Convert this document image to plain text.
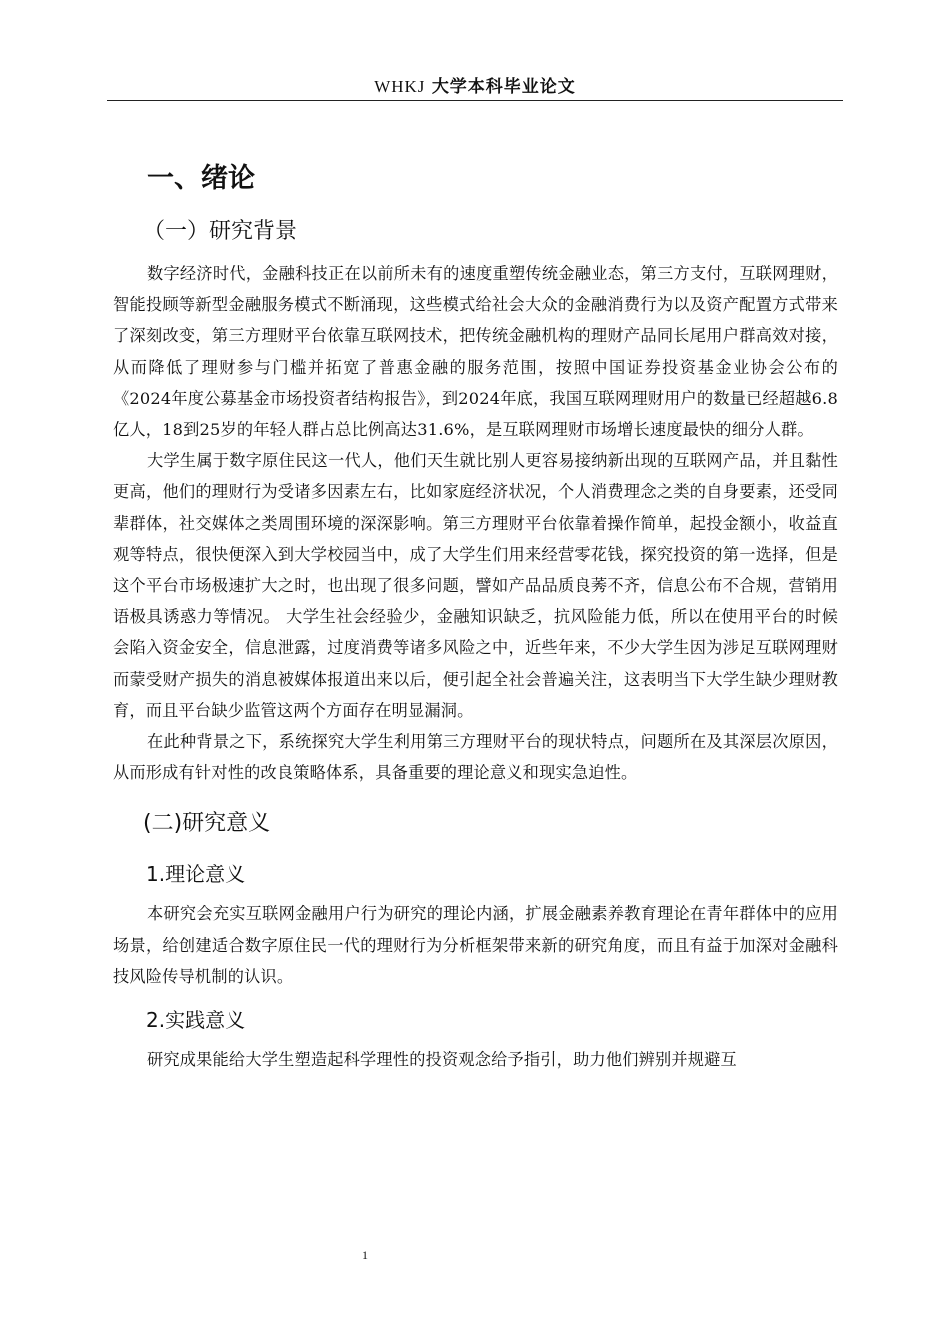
WHKJ 大学本科毕业论文
一、绪论
（一）研究背景

数字经济时代，金融科技正在以前所未有的速度重塑传统金融业态，第三方支付，互联网理财，智能投顾等新型金融服务模式不断涌现，这些模式给社会大众的金融消费行为以及资产配置方式带来了深刻改变，第三方理财平台依靠互联网技术，把传统金融机构的理财产品同长尾用户群高效对接，从而降低了理财参与门槛并拓宽了普惠金融的服务范围，按照中国证券投资基金业协会公布的《2024年度公募基金市场投资者结构报告》，到2024年底，我国互联网理财用户的数量已经超越6.8亿人，18到25岁的年轻人群占总比例高达31.6%，是互联网理财市场增长速度最快的细分人群。

大学生属于数字原住民这一代人，他们天生就比别人更容易接纳新出现的互联网产品，并且黏性更高，他们的理财行为受诸多因素左右，比如家庭经济状况，个人消费理念之类的自身要素，还受同辈群体，社交媒体之类周围环境的深深影响。第三方理财平台依靠着操作简单，起投金额小，收益直观等特点，很快便深入到大学校园当中，成了大学生们用来经营零花钱，探究投资的第一选择，但是这个平台市场极速扩大之时，也出现了很多问题，譬如产品品质良莠不齐，信息公布不合规，营销用语极具诱惑力等情况。 大学生社会经验少，金融知识缺乏，抗风险能力低，所以在使用平台的时候会陷入资金安全，信息泄露，过度消费等诸多风险之中，近些年来，不少大学生因为涉足互联网理财而蒙受财产损失的消息被媒体报道出来以后，便引起全社会普遍关注，这表明当下大学生缺少理财教育，而且平台缺少监管这两个方面存在明显漏洞。

在此种背景之下，系统探究大学生利用第三方理财平台的现状特点，问题所在及其深层次原因，从而形成有针对性的改良策略体系，具备重要的理论意义和现实急迫性。

(二)研究意义
1.理论意义

本研究会充实互联网金融用户行为研究的理论内涵，扩展金融素养教育理论在青年群体中的应用场景，给创建适合数字原住民一代的理财行为分析框架带来新的研究角度，而且有益于加深对金融科技风险传导机制的认识。

2.实践意义

研究成果能给大学生塑造起科学理性的投资观念给予指引，助力他们辨别并规避互

1
